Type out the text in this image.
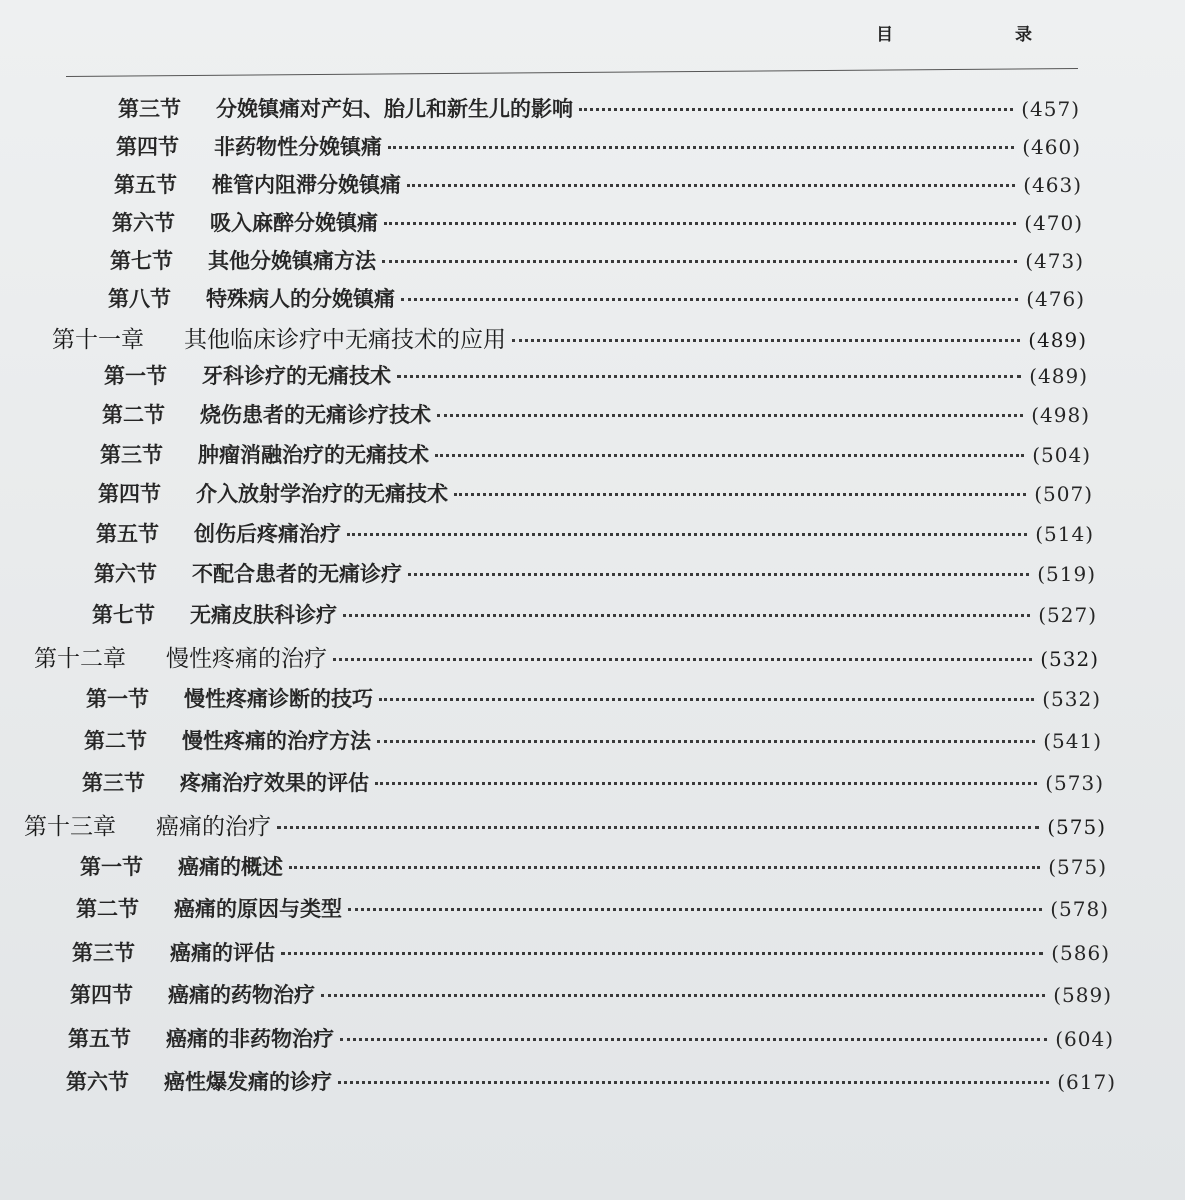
目 录
第三节	分娩镇痛对产妇、胎儿和新生儿的影响	(457)
第四节	非药物性分娩镇痛	(460)
第五节	椎管内阻滞分娩镇痛	(463)
第六节	吸入麻醉分娩镇痛	(470)
第七节	其他分娩镇痛方法	(473)
第八节	特殊病人的分娩镇痛	(476)
第十一章	其他临床诊疗中无痛技术的应用	(489)
第一节	牙科诊疗的无痛技术	(489)
第二节	烧伤患者的无痛诊疗技术	(498)
第三节	肿瘤消融治疗的无痛技术	(504)
第四节	介入放射学治疗的无痛技术	(507)
第五节	创伤后疼痛治疗	(514)
第六节	不配合患者的无痛诊疗	(519)
第七节	无痛皮肤科诊疗	(527)
第十二章	慢性疼痛的治疗	(532)
第一节	慢性疼痛诊断的技巧	(532)
第二节	慢性疼痛的治疗方法	(541)
第三节	疼痛治疗效果的评估	(573)
第十三章	癌痛的治疗	(575)
第一节	癌痛的概述	(575)
第二节	癌痛的原因与类型	(578)
第三节	癌痛的评估	(586)
第四节	癌痛的药物治疗	(589)
第五节	癌痛的非药物治疗	(604)
第六节	癌性爆发痛的诊疗	(617)
